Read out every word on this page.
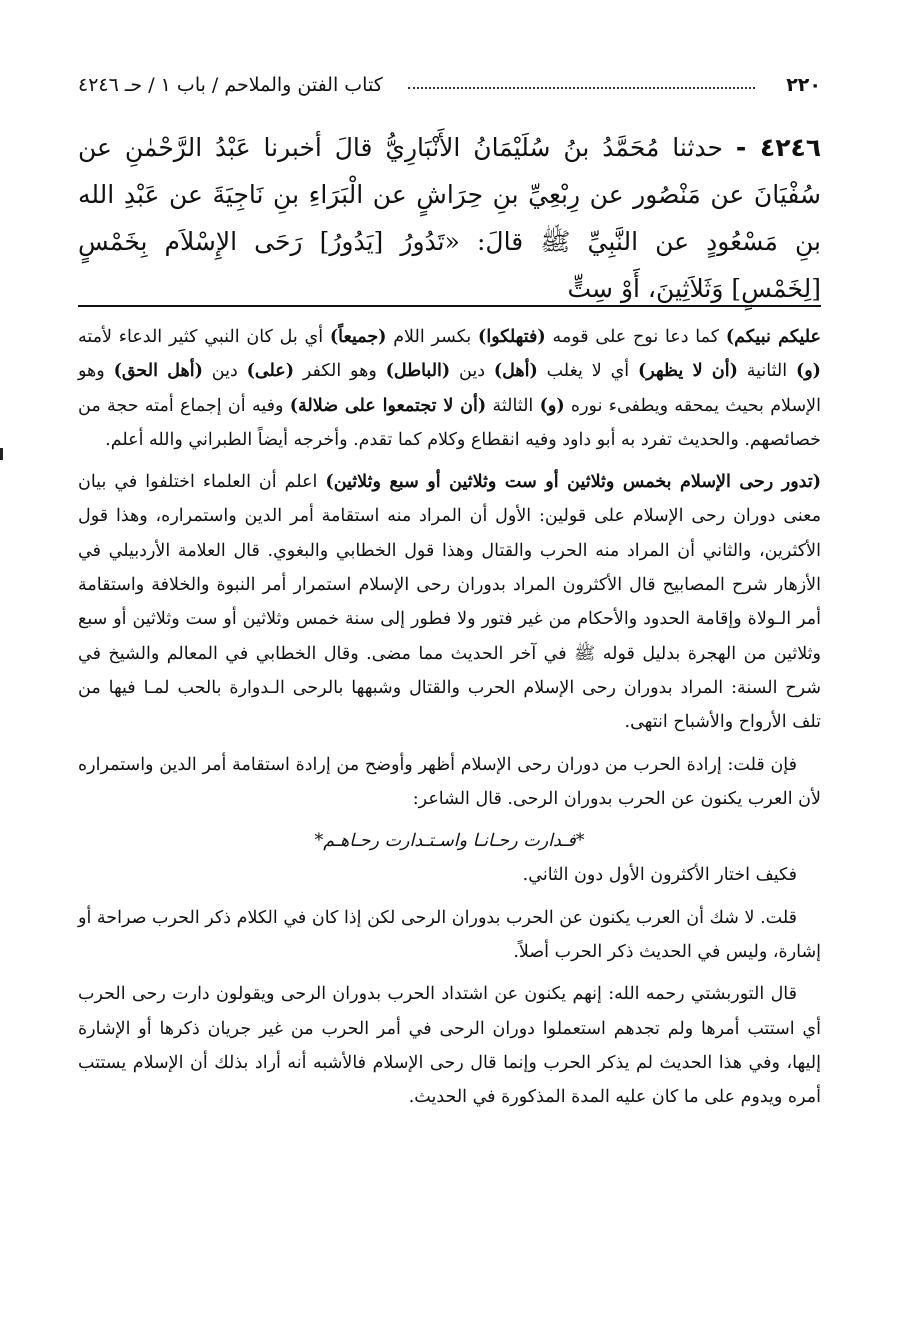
٢٢٠
كتاب الفتن والملاحم / باب ١ / حـ ٤٢٤٦
٤٢٤٦ - حدثنا مُحَمَّدُ بنُ سُلَيْمَانُ الأَنْبَارِيُّ قالَ أخبرنا عَبْدُ الرَّحْمٰنِ عن سُفْيَانَ عن مَنْصُور عن رِبْعِيِّ بنِ حِرَاشٍ عن الْبَرَاءِ بنِ نَاجِيَةَ عن عَبْدِ الله بنِ مَسْعُودٍ عن النَّبِيِّ ﷺ قالَ: «تَدُورُ [يَدُورُ] رَحَى الإِسْلاَم بِخَمْسٍ [لِخَمْسٍ] وَثَلاَثِينَ، أَوْ سِتٍّ

عليكم نبيكم) كما دعا نوح على قومه (فتهلكوا) بكسر اللام (جميعاً) أي بل كان النبي كثير الدعاء لأمته (و) الثانية (أن لا يظهر) أي لا يغلب (أهل) دين (الباطل) وهو الكفر (على) دين (أهل الحق) وهو الإسلام بحيث يمحقه ويطفىء نوره (و) الثالثة (أن لا تجتمعوا على ضلالة) وفيه أن إجماع أمته حجة من خصائصهم. والحديث تفرد به أبو داود وفيه انقطاع وكلام كما تقدم. وأخرجه أيضاً الطبراني والله أعلم.

(تدور رحى الإسلام بخمس وثلاثين أو ست وثلاثين أو سبع وثلاثين) اعلم أن العلماء اختلفوا في بيان معنى دوران رحى الإسلام على قولين: الأول أن المراد منه استقامة أمر الدين واستمراره، وهذا قول الأكثرين، والثاني أن المراد منه الحرب والقتال وهذا قول الخطابي والبغوي. قال العلامة الأردبيلي في الأزهار شرح المصابيح قال الأكثرون المراد بدوران رحى الإسلام استمرار أمر النبوة والخلافة واستقامة أمر الـولاة وإقامة الحدود والأحكام من غير فتور ولا فطور إلى سنة خمس وثلاثين أو ست وثلاثين أو سبع وثلاثين من الهجرة بدليل قوله ﷺ في آخر الحديث مما مضى. وقال الخطابي في المعالم والشيخ في شرح السنة: المراد بدوران رحى الإسلام الحرب والقتال وشبهها بالرحى الـدوارة بالحب لمـا فيها من تلف الأرواح والأشباح انتهى.

فإن قلت: إرادة الحرب من دوران رحى الإسلام أظهر وأوضح من إرادة استقامة أمر الدين واستمراره لأن العرب يكنون عن الحرب بدوران الرحى. قال الشاعر:

*فـدارت رحـانـا واسـتـدارت رحـاهـم*

فكيف اختار الأكثرون الأول دون الثاني.

قلت. لا شك أن العرب يكنون عن الحرب بدوران الرحى لكن إذا كان في الكلام ذكر الحرب صراحة أو إشارة، وليس في الحديث ذكر الحرب أصلاً.

قال التوربشتي رحمه الله: إنهم يكنون عن اشتداد الحرب بدوران الرحى ويقولون دارت رحى الحرب أي استتب أمرها ولم تجدهم استعملوا دوران الرحى في أمر الحرب من غير جريان ذكرها أو الإشارة إليها، وفي هذا الحديث لم يذكر الحرب وإنما قال رحى الإسلام فالأشبه أنه أراد بذلك أن الإسلام يستتب أمره ويدوم على ما كان عليه المدة المذكورة في الحديث.
